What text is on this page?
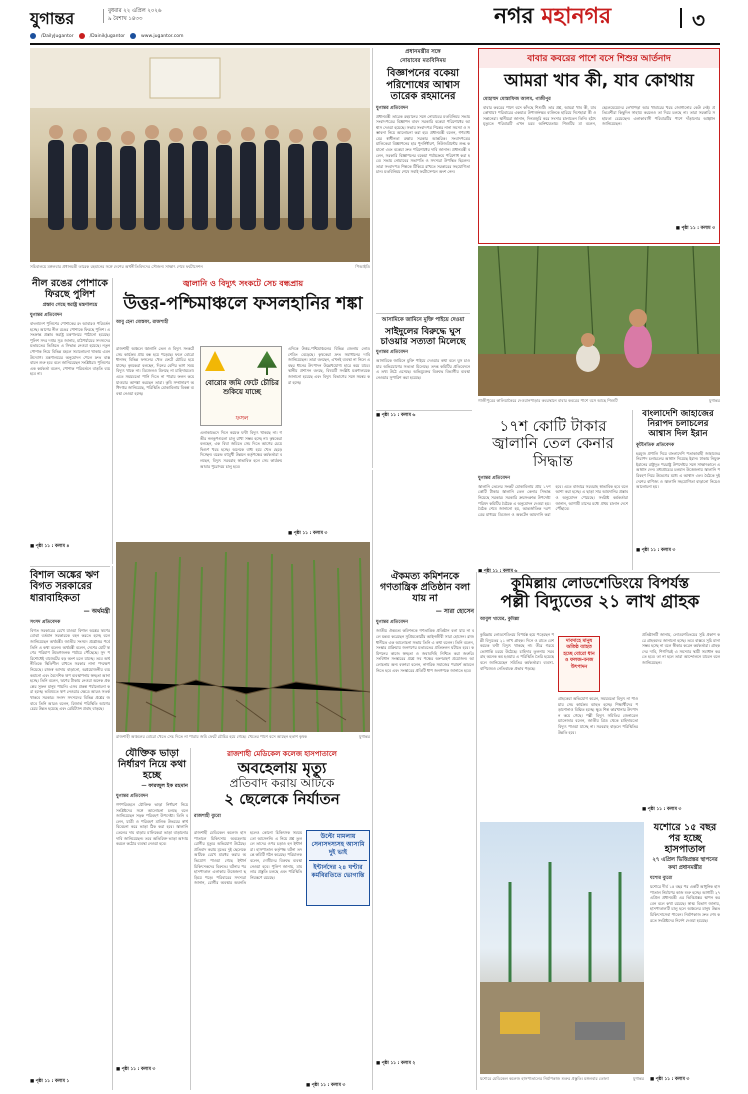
যুগান্তর	বুধবার ২২ এপ্রিল ২০২৬
৯ বৈশাখ ১৪৩৩
/DailyJugantor	/DainikJugantor	www.jugantor.com
নগর মহানগর	৩
সচিবালয়ে মঙ্গলবার প্রধানমন্ত্রী তারেক রহমানের সঙ্গে দেশের অর্থনীতিবিদদের সৌজন্য সাক্ষাৎ শেষে ফটোসেশন	পিআইডি
প্রধানমন্ত্রীর সঙ্গে
নোয়াবের মতবিনিময়
বিজ্ঞাপনের বকেয়া পরিশোধের আশ্বাস তারেক রহমানের
যুগান্তর প্রতিবেদন
প্রধানমন্ত্রী তারেক রহমানের সঙ্গে নোয়াবের মতবিনিময় সভায় সংবাদপত্রের বিজ্ঞাপন বাবদ সরকারি বকেয়া পরিশোধের আশ্বাস দেওয়া হয়েছে। সভায় সংবাদপত্র শিল্পের নানা সমস্যা ও সম্ভাবনা নিয়ে আলোচনা করা হয়। প্রধানমন্ত্রী বলেন, গণমাধ্যমের স্বাধীনতা রক্ষায় সরকার আন্তরিক। সংবাদপত্রের মালিকেরা বিজ্ঞাপনের হার পুনর্নির্ধারণ, নিউজপ্রিন্টের শুল্ক কমানো এবং বকেয়া দ্রুত পরিশোধের দাবি জানান। প্রধানমন্ত্রী বলেন, সরকারি বিজ্ঞাপনের বকেয়া পর্যায়ক্রমে পরিশোধ করা হবে। সভায় নোয়াবের সভাপতি ও সদস্যরা উপস্থিত ছিলেন। তারা সংবাদপত্র শিল্পকে টিকিয়ে রাখতে সরকারের সহযোগিতা চান। মতবিনিময় শেষে সবাই ফটোসেশনে অংশ নেন।
আসামিকে জামিনে মুক্তি পাইয়ে দেওয়া
সাইদুলের বিরুদ্ধে ঘুস চাওয়ার সত্যতা মিলেছে
যুগান্তর প্রতিবেদন
আসামিকে জামিনে মুক্তি পাইয়ে দেওয়ার কথা বলে ঘুস চাওয়ার অভিযোগের সত্যতা মিলেছে। তদন্ত কমিটির প্রতিবেদনে এ তথ্য উঠে এসেছে। অভিযুক্তের বিরুদ্ধে বিভাগীয় ব্যবস্থা নেওয়ার সুপারিশ করা হয়েছে।
■ পৃষ্ঠা ১১ : কলাম ৬
বাবার কবরের পাশে বসে শিশুর আর্তনাদ
আমরা খাব কী, যাব কোথায়
মোহাম্মদ মোস্তাফিজ আলম, গাজীপুর
বাবার কবরের পাশে বসে কাঁদছে শিশুটি। তার প্রশ্ন, আমরা খাব কী, যাব কোথায়? পরিবারের একমাত্র উপার্জনক্ষম ব্যক্তিকে হারিয়ে দিশেহারা স্ত্রী ও সন্তানেরা। স্থানীয়রা জানান, দিনমজুরি করে সংসার চালাতেন তিনি। হঠাৎ মৃত্যুতে পরিবারটি এখন চরম অনিশ্চয়তায়। শিশুটির মা বলেন, ছেলেমেয়েদের লেখাপড়া আর খাবারের খরচ জোগানোর কেউ নেই। প্রতিবেশীরা কিছুদিন সাহায্য করলেও তা দিয়ে চলছে না। তারা সরকারি সহায়তা চেয়েছেন। এলাকাবাসী পরিবারটির পাশে দাঁড়ানোর আহ্বান জানিয়েছেন।
■ পৃষ্ঠা ১১ : কলাম ৩
গাজীপুরের কালিয়াকৈরে দেওয়ানপাড়ার কবরস্থানে বাবার কবরের পাশে বসে আছে শিশুটি	যুগান্তর
নীল রঙের পোশাকে ফিরছে পুলিশ
প্রস্তাব গেছে স্বরাষ্ট্র মন্ত্রণালয়ে
যুগান্তর প্রতিবেদন
বাংলাদেশ পুলিশের পোশাকের রং আবারও পরিবর্তন হচ্ছে। আগের নীল রঙের পোশাকে ফিরছে পুলিশ। এ সংক্রান্ত প্রস্তাব স্বরাষ্ট্র মন্ত্রণালয়ে পাঠানো হয়েছে। পুলিশ সদর দপ্তর সূত্র জানায়, মাঠপর্যায়ের সদস্যদের মতামতের ভিত্তিতে এ সিদ্ধান্ত নেওয়া হয়েছে। নতুন পোশাক নিয়ে বিভিন্ন মহলে সমালোচনা থাকায় এমন উদ্যোগ। মন্ত্রণালয়ের অনুমোদন পেলে দ্রুত বাস্তবায়ন শুরু হবে বলে জানিয়েছেন সংশ্লিষ্টরা। পুলিশের এক কর্মকর্তা বলেন, পোশাক পরিবর্তনে বাড়তি ব্যয় হবে না।
■ পৃষ্ঠা ১১ : কলাম ৪
জ্বালানি ও বিদ্যুৎ সংকটে সেচ বন্ধপ্রায়
উত্তর-পশ্চিমাঞ্চলে ফসলহানির শঙ্কা
আবু হেনা মোস্তফা, রাজশাহী
রাজশাহী অঞ্চলে জ্বালানি তেল ও বিদ্যুৎ সংকটে সেচ কার্যক্রম প্রায় বন্ধ হয়ে পড়েছে। ফলে বোরো ধানসহ বিভিন্ন ফসলের খেত ফেটে চৌচির হয়ে যাচ্ছে। কৃষকেরা বলছেন, দিনের বেশির ভাগ সময় বিদ্যুৎ থাকে না। ডিজেলও মিলছে না চাহিদামতো। এতে সময়মতো পানি দিতে না পারায় ফলন কমে যাওয়ার আশঙ্কা করছেন তারা। কৃষি সম্প্রসারণ অধিদপ্তর জানিয়েছে, পরিস্থিতি মোকাবিলায় বিকল্প ব্যবস্থা নেওয়া হচ্ছে।
বোরোর জমি ফেটে চৌচির শুকিয়ে যাচ্ছে
ফসল
এলাকাভেদে দিনে কয়েক ঘণ্টা বিদ্যুৎ থাকছে না। গভীর নলকূপগুলো চালু রাখা সম্ভব হচ্ছে না। কৃষকেরা বলছেন, এক বিঘা জমিতে সেচ দিতে আগের চেয়ে দ্বিগুণ খরচ হচ্ছে। অনেকে বাধ্য হয়ে খেত ছেড়ে দিচ্ছেন। বরেন্দ্র বহুমুখী উন্নয়ন কর্তৃপক্ষের কর্মকর্তারা বলছেন, বিদ্যুৎ সরবরাহ স্বাভাবিক হলে সেচ কার্যক্রম আবার পুরোদমে চালু হবে।
এদিকে উত্তর-পশ্চিমাঞ্চলের বিভিন্ন জেলায় লোডশেডিং বেড়েছে। কৃষকেরা দ্রুত সমাধানের দাবি জানিয়েছেন। তারা বলছেন, এখনই ব্যবস্থা না নিলে এ বছর ধানের উৎপাদন উল্লেখযোগ্য হারে কমে যাবে। স্থানীয় প্রশাসন বলছে, বিষয়টি সংশ্লিষ্ট মন্ত্রণালয়কে জানানো হয়েছে এবং বিদ্যুৎ বিভাগের সঙ্গে সমন্বয় করা হচ্ছে।
■ পৃষ্ঠা ১১ : কলাম ৩
রাজশাহী অঞ্চলের বোরো খেতে সেচ দিতে না পারায় জমি ফেটে চৌচির হয়ে গেছে। খেতের পাশে বসে আছেন হতাশ কৃষক	যুগান্তর
বিশাল অঙ্কের ঋণ বিগত সরকারের ধারাবাহিকতা
— অর্থমন্ত্রী
সংসদ প্রতিবেদক
বিগত সরকারের রেখে যাওয়া বিশাল অঙ্কের ঋণের বোঝা বর্তমান সরকারকে বহন করতে হচ্ছে বলে জানিয়েছেন অর্থমন্ত্রী। জাতীয় সংসদে প্রশ্নোত্তর পর্বে তিনি এ কথা বলেন। অর্থমন্ত্রী বলেন, দেশের মোট ঋণের পরিমাণ উদ্বেগজনক পর্যায়ে পৌঁছেছে। সুদ পরিশোধেই বাজেটের বড় অংশ চলে যাচ্ছে। তবে অর্থনীতিকে স্থিতিশীল রাখতে সরকার নানা পদক্ষেপ নিয়েছে। রাজস্ব আদায় বাড়ানো, অপ্রয়োজনীয় ব্যয় কমানো এবং বৈদেশিক ঋণ ব্যবস্থাপনায় স্বচ্ছতা আনা হচ্ছে। তিনি বলেন, ঋণের টাকায় নেওয়া অনেক প্রকল্পের সুফল মানুষ পায়নি। এসব প্রকল্প পর্যালোচনা করা হচ্ছে। ভবিষ্যতে ঋণ নেওয়ার ক্ষেত্রে আরও সতর্ক থাকবে সরকার। সংসদ সদস্যদের বিভিন্ন প্রশ্নের জবাবে তিনি আরও বলেন, রিজার্ভ পরিস্থিতি আগের চেয়ে উন্নত হয়েছে এবং রেমিট্যান্স প্রবাহ বাড়ছে।
■ পৃষ্ঠা ১১ : কলাম ১
যৌক্তিক ভাড়া নির্ধারণ নিয়ে কথা হচ্ছে
— ফারজুল ইক রহমান
যুগান্তর প্রতিবেদন
গণপরিবহনে যৌক্তিক ভাড়া নির্ধারণ নিয়ে সংশ্লিষ্টদের সঙ্গে আলোচনা চলছে বলে জানিয়েছেন সড়ক পরিবহণ উপদেষ্টা। তিনি বলেন, যাত্রী ও পরিবহণ মালিক উভয়ের স্বার্থ বিবেচনা করে ভাড়া ঠিক করা হবে। জ্বালানি তেলের দাম বাড়ায় মালিকেরা ভাড়া বাড়ানোর দাবি জানিয়েছেন। তবে অতিরিক্ত ভাড়া আদায় করলে কঠোর ব্যবস্থা নেওয়া হবে।
■ পৃষ্ঠা ১১ : কলাম ৩
রাজশাহী মেডিকেল কলেজ হাসপাতালে
অবহেলায় মৃত্যু
প্রতিবাদ করায় আটকে
২ ছেলেকে নির্যাতন
রাজশাহী ব্যুরো
রাজশাহী মেডিকেল কলেজ হাসপাতালে চিকিৎসায় অবহেলায় রোগীর মৃত্যুর অভিযোগ উঠেছে। প্রতিবাদ করায় মৃতের দুই ছেলেকে আটকে রেখে মারধর করার অভিযোগ পাওয়া গেছে ইন্টার্ন চিকিৎসকদের বিরুদ্ধে। ঘটনার পর হাসপাতাল এলাকায় উত্তেজনা ছড়িয়ে পড়ে। পরিবারের সদস্যরা জানান, রোগীর অবস্থার অবনতি হলেও কোনো চিকিৎসক সময়মতো আসেননি। এ নিয়ে প্রশ্ন তুললে তাদের ওপর চড়াও হন ইন্টার্নরা। হাসপাতাল কর্তৃপক্ষ ঘটনা তদন্তে কমিটি গঠন করেছে। পরিচালক বলেন, দোষীদের বিরুদ্ধে ব্যবস্থা নেওয়া হবে। পুলিশ জানায়, মামলার প্রস্তুতি চলছে এবং পরিস্থিতি নিয়ন্ত্রণে রয়েছে।
উল্টো মামলায় সেনাসদস্যসহ আসামি দুই ভাই
ইন্টার্নদের ২৪ ঘণ্টার কর্মবিরতিতে ভোগান্তি
■ পৃষ্ঠা ১১ : কলাম ৩
১৭শ কোটি টাকার জ্বালানি তেল কেনার সিদ্ধান্ত
যুগান্তর প্রতিবেদন
জ্বালানি তেলের সংকট মোকাবিলায় প্রায় ১৭শ কোটি টাকার জ্বালানি তেল কেনার সিদ্ধান্ত নিয়েছে সরকার। সরকারি ক্রয়সংক্রান্ত উপদেষ্টা পরিষদ কমিটির বৈঠকে এ অনুমোদন দেওয়া হয়। বৈঠক শেষে জানানো হয়, আন্তর্জাতিক দরপত্রের মাধ্যমে ডিজেল ও অকটেন আমদানি করা হবে। এতে বাজারে সরবরাহ স্বাভাবিক হবে বলে আশা করা হচ্ছে। এ ছাড়া সার আমদানির প্রস্তাবও অনুমোদন পেয়েছে। সংশ্লিষ্ট কর্মকর্তারা জানান, আগামী মাসের মধ্যে প্রথম চালান দেশে পৌঁছাবে।
বাংলাদেশি জাহাজের নিরাপদ চলাচলের আশ্বাস দিল ইরান
কূটনৈতিক প্রতিবেদক
হরমুজ প্রণালি দিয়ে বাংলাদেশি পতাকাবাহী জাহাজের নিরাপদ চলাচলের আশ্বাস দিয়েছে ইরান। ঢাকায় নিযুক্ত ইরানের রাষ্ট্রদূত পররাষ্ট্র উপদেষ্টার সঙ্গে সাক্ষাৎকালে এ আশ্বাস দেন। মধ্যপ্রাচ্যের চলমান উত্তেজনায় জ্বালানি পরিবহণ নিয়ে উদ্বেগের মধ্যে এ আশ্বাস এল। বৈঠকে দুই দেশের বাণিজ্য ও জ্বালানি সহযোগিতা বাড়ানো নিয়েও আলোচনা হয়।
■ পৃষ্ঠা ১১ : কলাম ৩
ঐকমত্য কমিশনকে গণতান্ত্রিক প্রতিষ্ঠান বলা যায় না
— সারা হোসেন
যুগান্তর প্রতিবেদন
জাতীয় ঐকমত্য কমিশনকে গণতান্ত্রিক প্রতিষ্ঠান বলা যায় না বলে মন্তব্য করেছেন সুপ্রিমকোর্টের আইনজীবী সারা হোসেন। রাজধানীতে এক আলোচনা সভায় তিনি এ কথা বলেন। তিনি বলেন, সংস্কার প্রক্রিয়ায় জনগণের মতামতের প্রতিফলন ঘটাতে হবে। কমিশনের কাজে স্বচ্ছতা ও জবাবদিহি নিশ্চিত করা জরুরি। সংবিধান সংস্কারের প্রশ্নে সব পক্ষের অংশগ্রহণ প্রয়োজন। আলোচনায় অন্য বক্তারা বলেন, নাগরিক সমাজের পরামর্শ আমলে নিতে হবে এবং সংস্কারের প্রতিটি ধাপ জনগণকে জানাতে হবে।
■ পৃষ্ঠা ১১ : কলাম ২
কুমিল্লায় লোডশেডিংয়ে বিপর্যস্ত
পল্লী বিদ্যুতের ২১ লাখ গ্রাহক
আবুল খায়ের, কুমিল্লা
কুমিল্লায় লোডশেডিংয়ে বিপর্যস্ত হয়ে পড়েছেন পল্লী বিদ্যুতের ২১ লাখ গ্রাহক। দিনে ও রাতে বেশ কয়েক ঘণ্টা বিদ্যুৎ থাকছে না। তীব্র গরমে ভোগান্তি চরমে উঠেছে। চাহিদার তুলনায় সরবরাহ অনেক কম হওয়ায় এ পরিস্থিতি তৈরি হয়েছে বলে জানিয়েছেন সমিতির কর্মকর্তারা। ব্যবসা-বাণিজ্যেও নেতিবাচক প্রভাব পড়ছে।
দাবদাহে মানুষ অতিষ্ঠ ব্যাহত হচ্ছে বোরো ধান ও ফলজ-বনজ উৎপাদন
গ্রাহকেরা অভিযোগ করেন, সময়মতো বিদ্যুৎ না পাওয়ায় সেচ কার্যক্রম ব্যাহত হচ্ছে। শিক্ষার্থীদের পড়াশোনাও বিঘ্নিত হচ্ছে। ক্ষুদ্র শিল্প কারখানার উৎপাদন কমে গেছে। পল্লী বিদ্যুৎ সমিতির জেনারেল ম্যানেজার বলেন, জাতীয় গ্রিড থেকে চাহিদামতো বিদ্যুৎ পাওয়া যাচ্ছে না। সরবরাহ বাড়লে পরিস্থিতির উন্নতি হবে।
প্রতিষ্ঠানটি জানায়, লোডশেডিংয়ের সূচি প্রকাশ করে গ্রাহকদের জানানো হচ্ছে। তবে বাস্তবে সূচি মানা সম্ভব হচ্ছে না বলে স্বীকার করেন কর্মকর্তারা। গ্রাহকদের দাবি, শিগগিরই এ সমস্যার স্থায়ী সমাধান করতে হবে। তা না হলে তারা আন্দোলনে যাবেন বলে জানিয়েছেন।
■ পৃষ্ঠা ১১ : কলাম ৩
যশোরে মেডিকেল কলেজ হাসপাতালের নির্মাণকাজ শুরুর প্রস্তুতি। মঙ্গলবার তোলা	যুগান্তর
যশোরে ১৫ বছর পর হচ্ছে হাসপাতাল
২৭ এপ্রিল ভিত্তিপ্রস্তর স্থাপনের কথা প্রধানমন্ত্রীর
যশোর ব্যুরো
যশোরে দীর্ঘ ১৫ বছর পর একটি আধুনিক হাসপাতাল নির্মাণের কাজ শুরু হচ্ছে। আগামী ২৭ এপ্রিল প্রধানমন্ত্রী এর ভিত্তিপ্রস্তর স্থাপন করবেন বলে কথা রয়েছে। স্বাস্থ্য বিভাগ জানায়, হাসপাতালটি চালু হলে অঞ্চলের মানুষ উন্নত চিকিৎসাসেবা পাবেন। নির্মাণকাজ দ্রুত শেষ করতে সংশ্লিষ্টদের নির্দেশ দেওয়া হয়েছে।
■ পৃষ্ঠা ১১ : কলাম ৩
